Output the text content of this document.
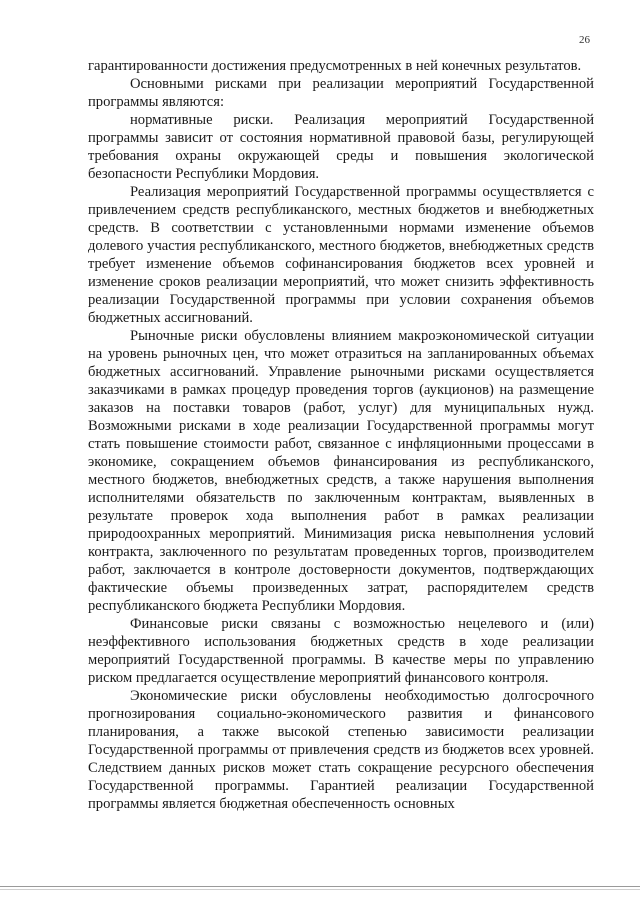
26

гарантированности достижения предусмотренных в ней конечных результатов.

Основными рисками при реализации мероприятий Государственной программы являются:

нормативные риски. Реализация мероприятий Государственной программы зависит от состояния нормативной правовой базы, регулирующей требования охраны окружающей среды и повышения экологической безопасности Республики Мордовия.

Реализация мероприятий Государственной программы осуществляется с привлечением средств республиканского, местных бюджетов и внебюджетных средств. В соответствии с установленными нормами изменение объемов долевого участия республиканского, местного бюджетов, внебюджетных средств требует изменение объемов софинансирования бюджетов всех уровней и изменение сроков реализации мероприятий, что может снизить эффективность реализации Государственной программы при условии сохранения объемов бюджетных ассигнований.

Рыночные риски обусловлены влиянием макроэкономической ситуации на уровень рыночных цен, что может отразиться на запланированных объемах бюджетных ассигнований. Управление рыночными рисками осуществляется заказчиками в рамках процедур проведения торгов (аукционов) на размещение заказов на поставки товаров (работ, услуг) для муниципальных нужд. Возможными рисками в ходе реализации Государственной программы могут стать повышение стоимости работ, связанное с инфляционными процессами в экономике, сокращением объемов финансирования из республиканского, местного бюджетов, внебюджетных средств, а также нарушения выполнения исполнителями обязательств по заключенным контрактам, выявленных в результате проверок хода выполнения работ в рамках реализации природоохранных мероприятий. Минимизация риска невыполнения условий контракта, заключенного по результатам проведенных торгов, производителем работ, заключается в контроле достоверности документов, подтверждающих фактические объемы произведенных затрат, распорядителем средств республиканского бюджета Республики Мордовия.

Финансовые риски связаны с возможностью нецелевого и (или) неэффективного использования бюджетных средств в ходе реализации мероприятий Государственной программы. В качестве меры по управлению риском предлагается осуществление мероприятий финансового контроля.

Экономические риски обусловлены необходимостью долгосрочного прогнозирования социально-экономического развития и финансового планирования, а также высокой степенью зависимости реализации Государственной программы от привлечения средств из бюджетов всех уровней. Следствием данных рисков может стать сокращение ресурсного обеспечения Государственной программы. Гарантией реализации Государственной программы является бюджетная обеспеченность основных
